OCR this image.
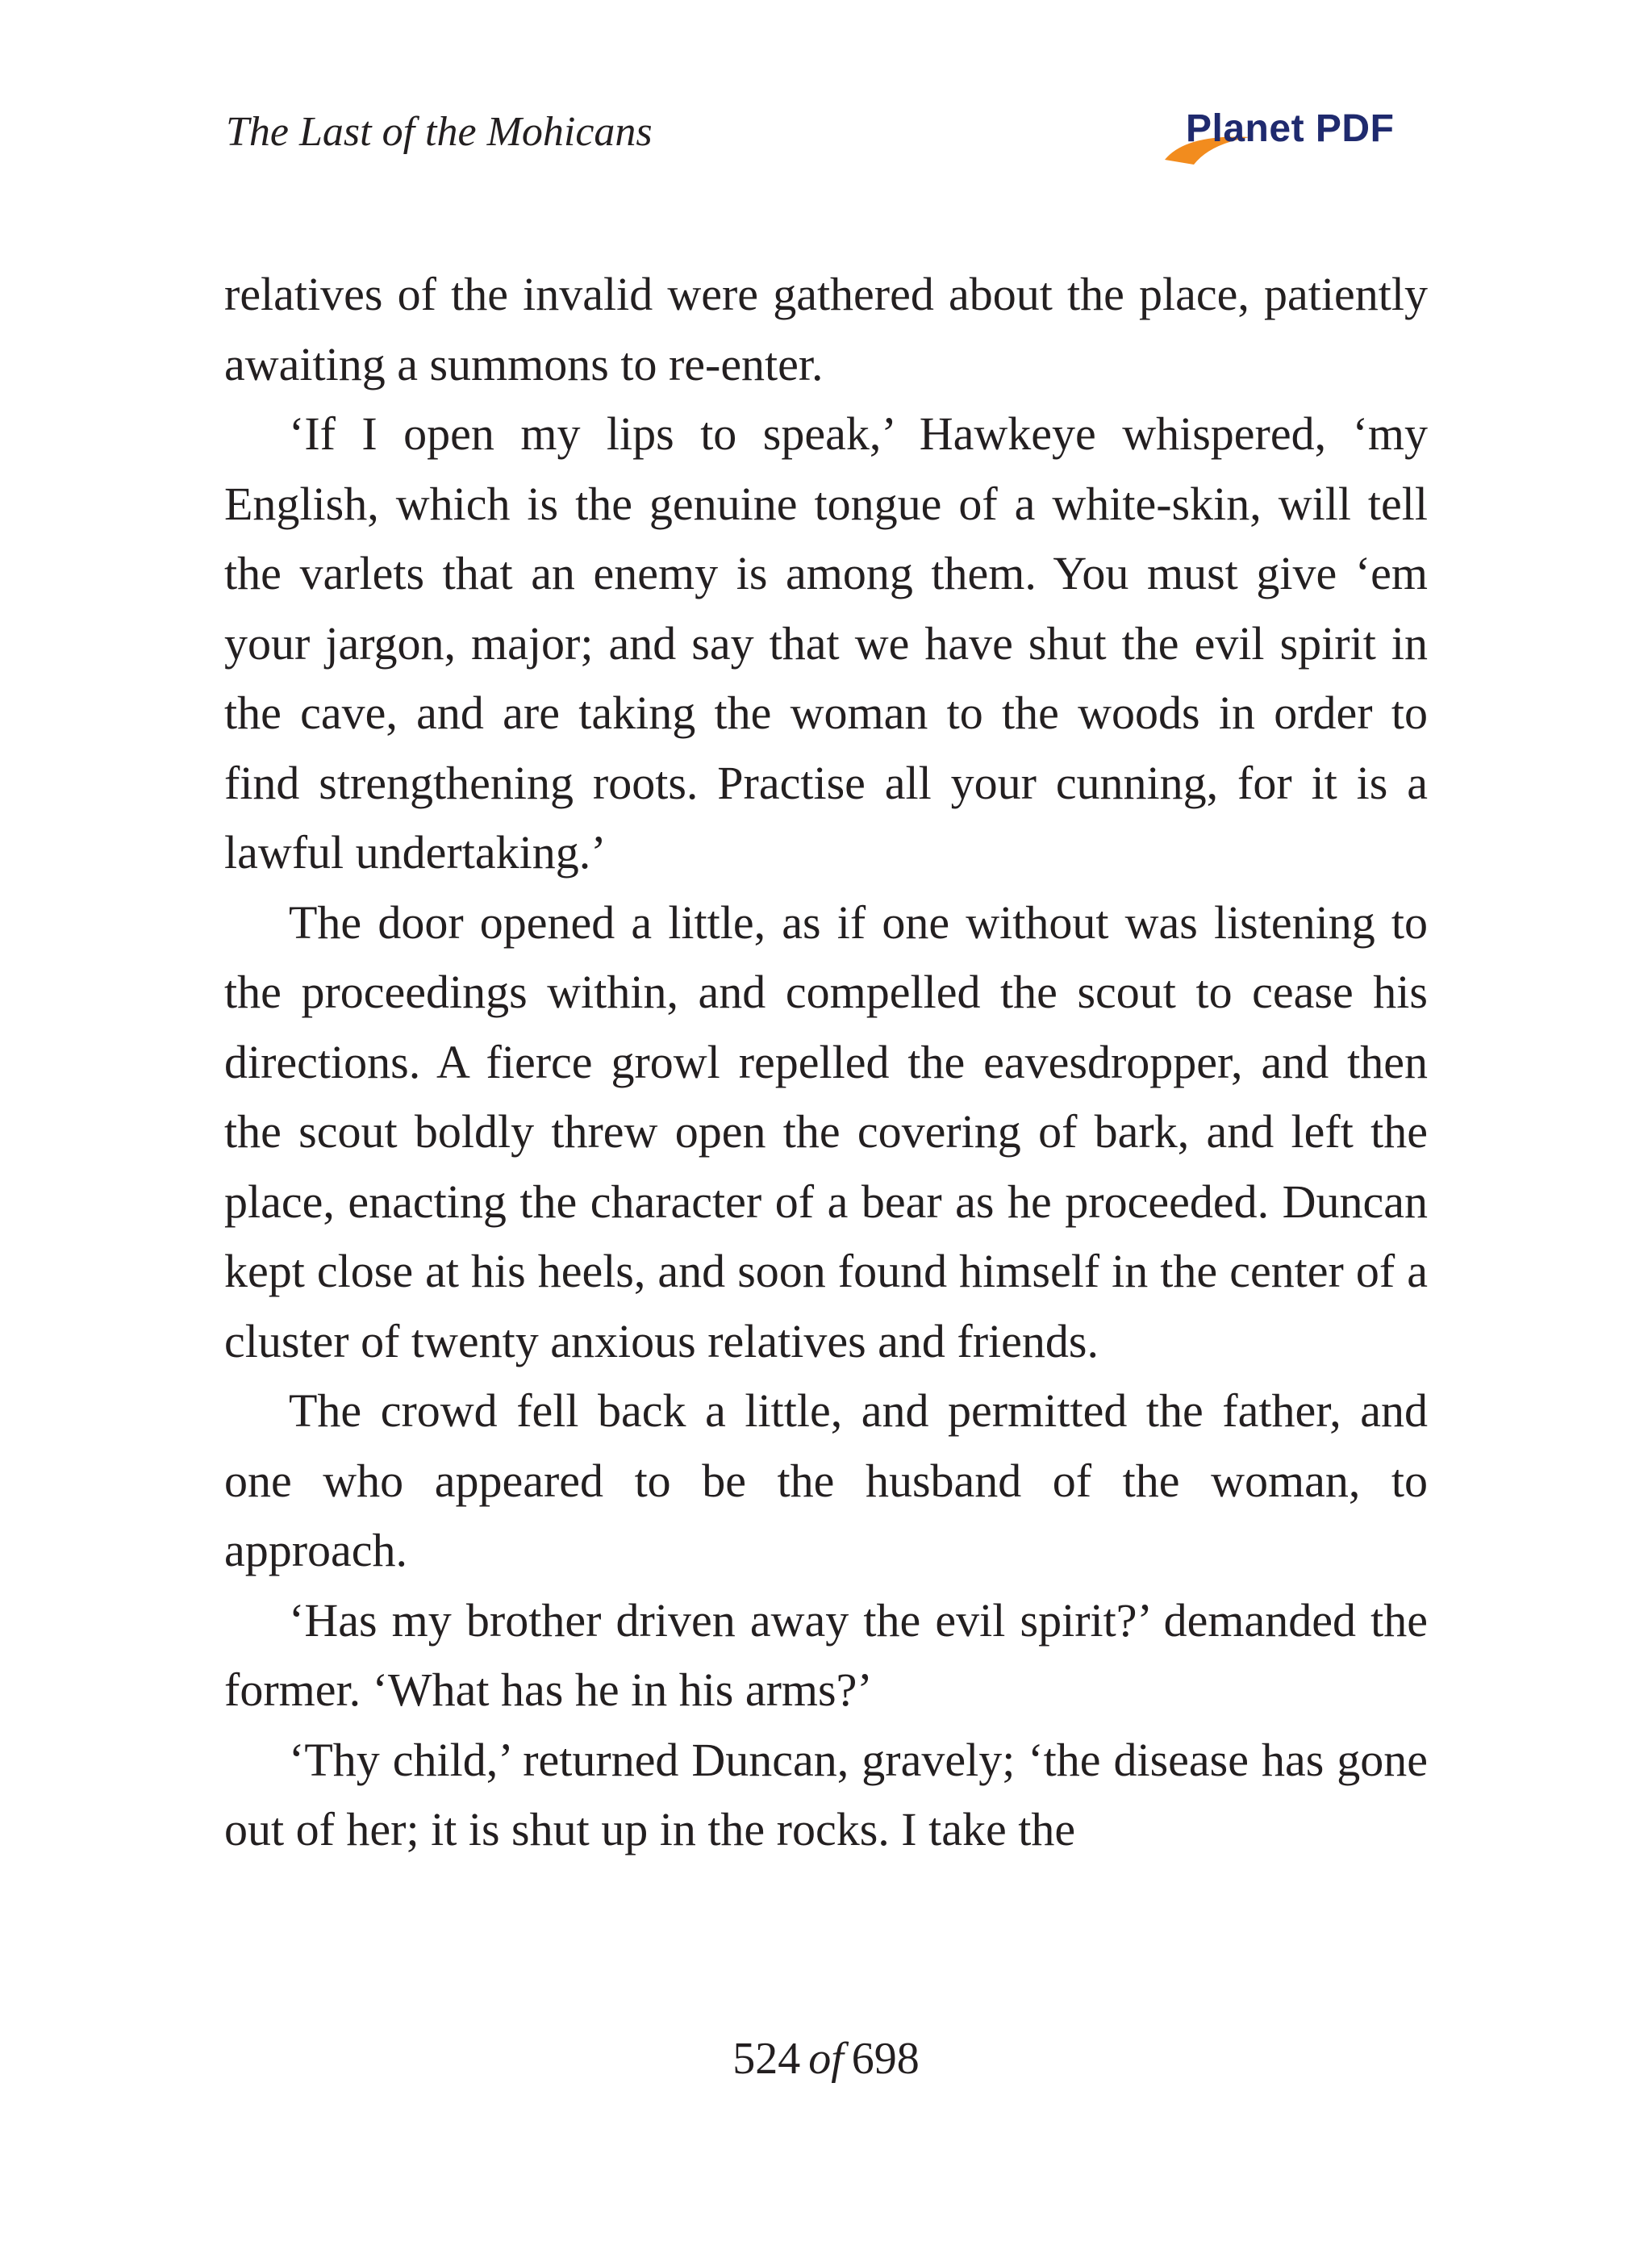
The Last of the Mohicans	Planet PDF

relatives of the invalid were gathered about the place, patiently awaiting a summons to re-enter.

‘If I open my lips to speak,’ Hawkeye whispered, ‘my English, which is the genuine tongue of a white-skin, will tell the varlets that an enemy is among them. You must give ‘em your jargon, major; and say that we have shut the evil spirit in the cave, and are taking the woman to the woods in order to find strengthening roots. Practise all your cunning, for it is a lawful undertaking.’

The door opened a little, as if one without was listening to the proceedings within, and compelled the scout to cease his directions. A fierce growl repelled the eavesdropper, and then the scout boldly threw open the covering of bark, and left the place, enacting the character of a bear as he proceeded. Duncan kept close at his heels, and soon found himself in the center of a cluster of twenty anxious relatives and friends.

The crowd fell back a little, and permitted the father, and one who appeared to be the husband of the woman, to approach.

‘Has my brother driven away the evil spirit?’ demanded the former. ‘What has he in his arms?’

‘Thy child,’ returned Duncan, gravely; ‘the disease has gone out of her; it is shut up in the rocks. I take the

524 of 698
